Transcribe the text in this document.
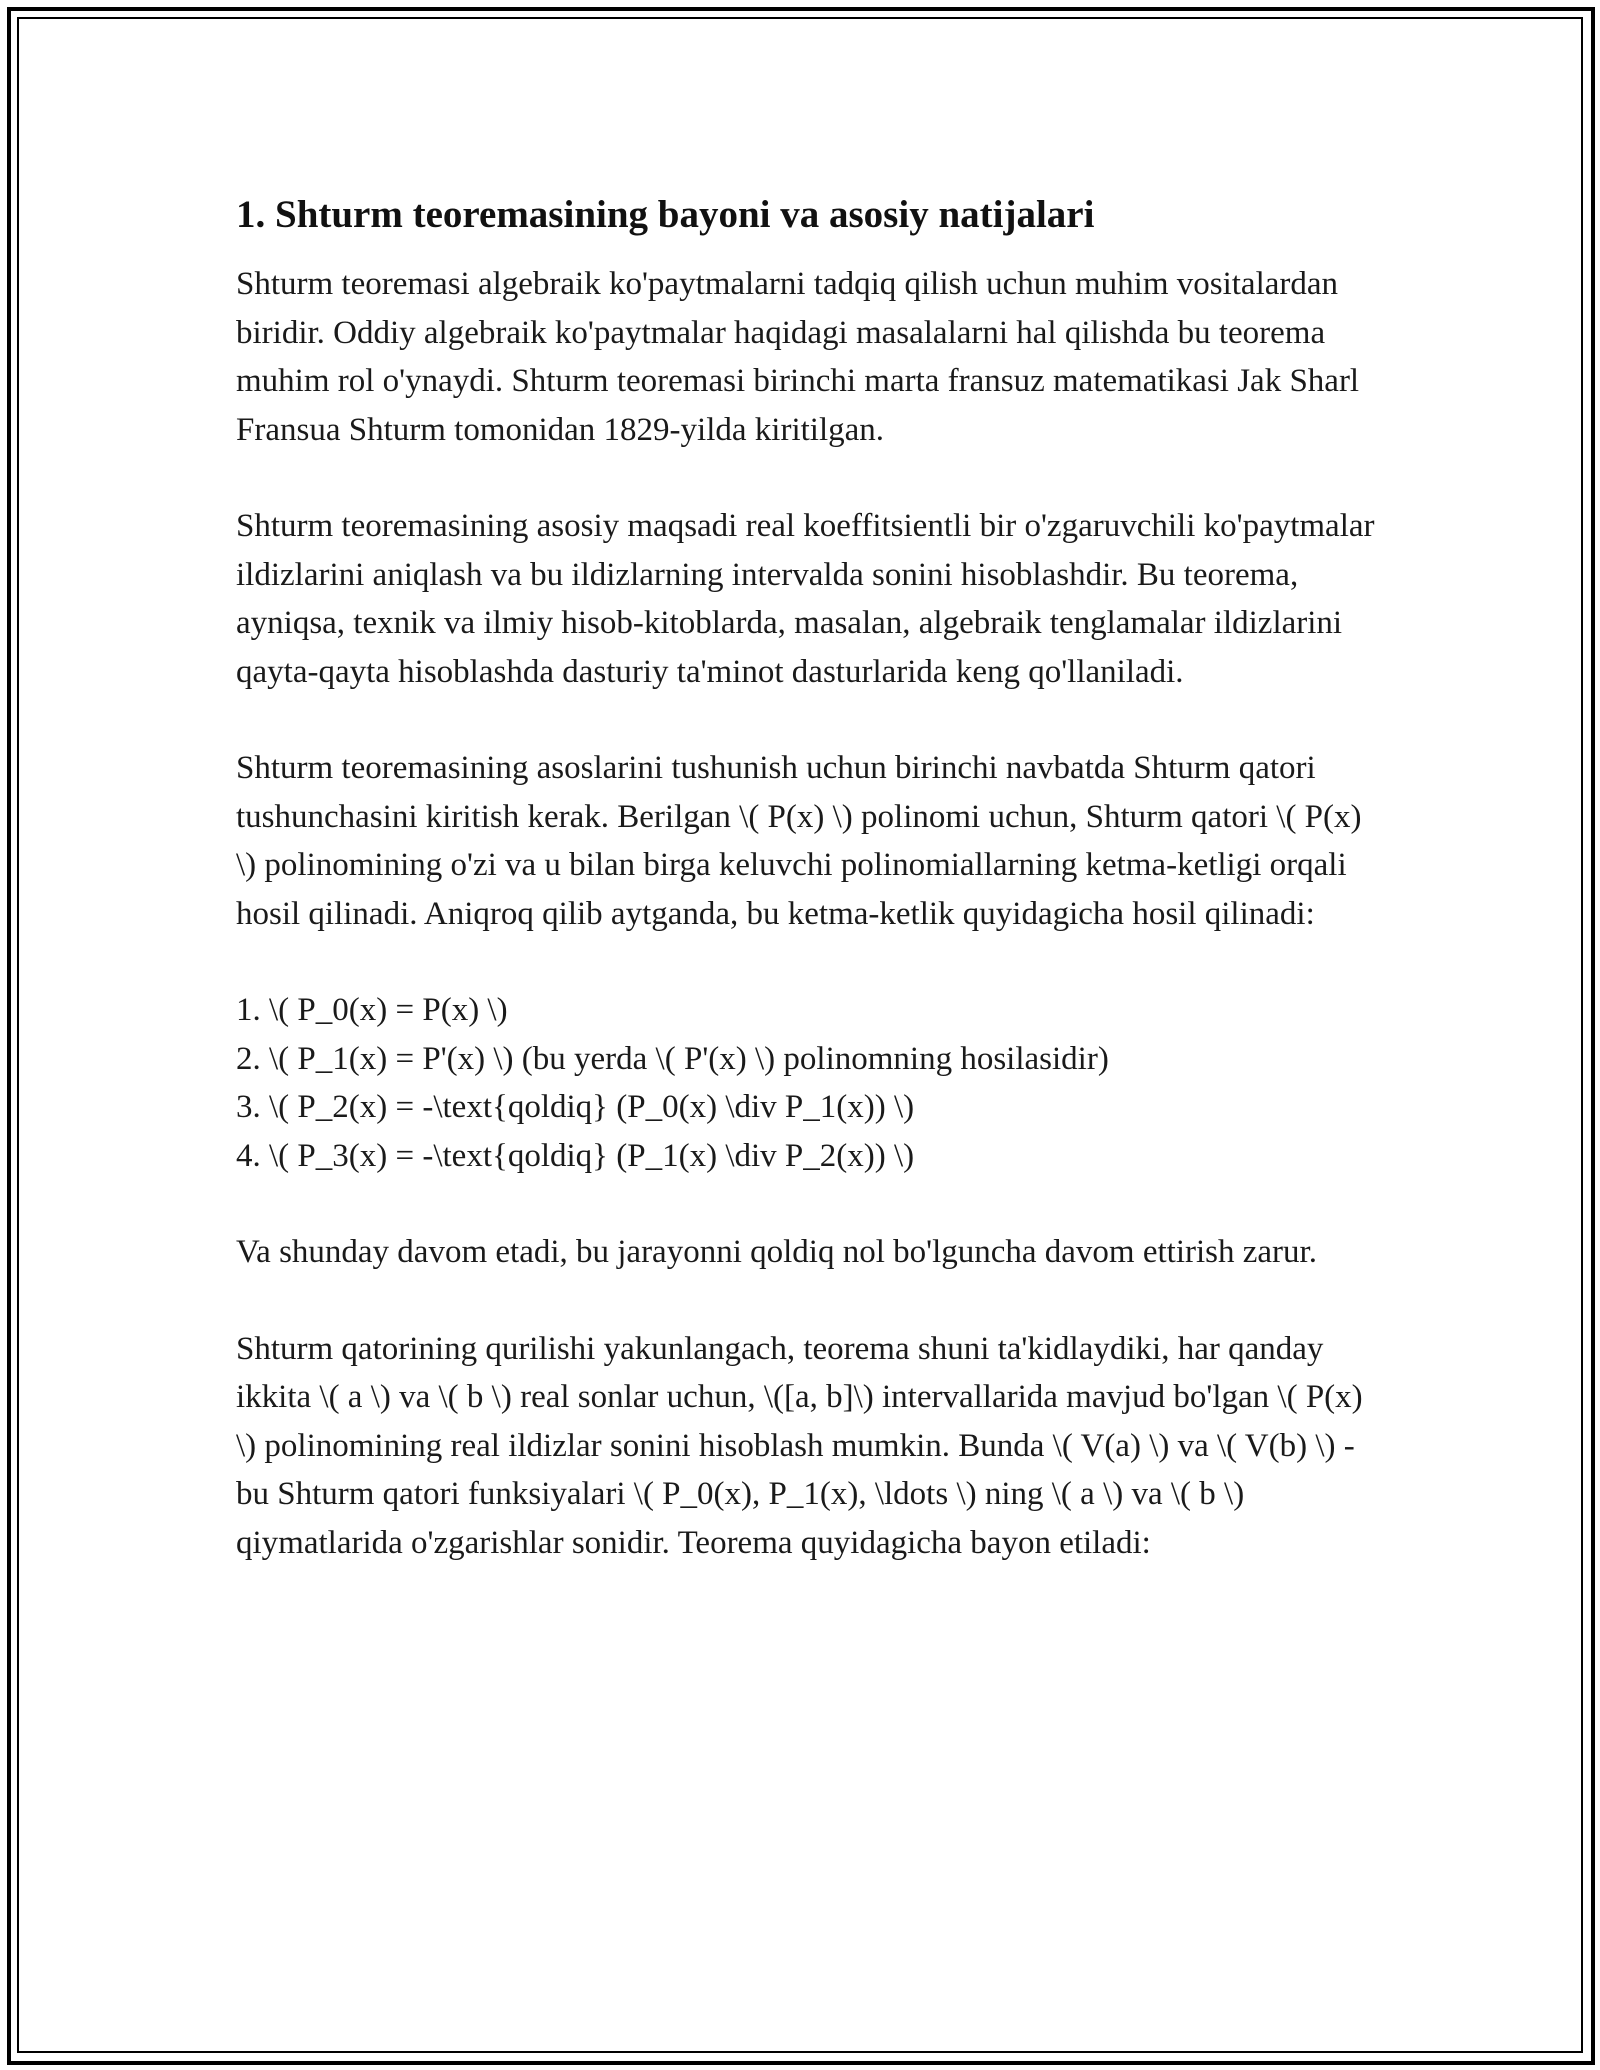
1. Shturm teoremasining bayoni va asosiy natijalari

Shturm teoremasi algebraik ko'paytmalarni tadqiq qilish uchun muhim vositalardan biridir. Oddiy algebraik ko'paytmalar haqidagi masalalarni hal qilishda bu teorema muhim rol o'ynaydi. Shturm teoremasi birinchi marta fransuz matematikasi Jak Sharl Fransua Shturm tomonidan 1829-yilda kiritilgan.

Shturm teoremasining asosiy maqsadi real koeffitsientli bir o'zgaruvchili ko'paytmalar ildizlarini aniqlash va bu ildizlarning intervalda sonini hisoblashdir. Bu teorema, ayniqsa, texnik va ilmiy hisob-kitoblarda, masalan, algebraik tenglamalar ildizlarini qayta-qayta hisoblashda dasturiy ta'minot dasturlarida keng qo'llaniladi.

Shturm teoremasining asoslarini tushunish uchun birinchi navbatda Shturm qatori tushunchasini kiritish kerak. Berilgan \( P(x) \) polinomi uchun, Shturm qatori \( P(x) \) polinomining o'zi va u bilan birga keluvchi polinomiallarning ketma-ketligi orqali hosil qilinadi. Aniqroq qilib aytganda, bu ketma-ketlik quyidagicha hosil qilinadi:

1. \( P_0(x) = P(x) \)
2. \( P_1(x) = P'(x) \) (bu yerda \( P'(x) \) polinomning hosilasidir)
3. \( P_2(x) = -\text{qoldiq} (P_0(x) \div P_1(x)) \)
4. \( P_3(x) = -\text{qoldiq} (P_1(x) \div P_2(x)) \)

Va shunday davom etadi, bu jarayonni qoldiq nol bo'lguncha davom ettirish zarur.

Shturm qatorining qurilishi yakunlangach, teorema shuni ta'kidlaydiki, har qanday ikkita \( a \) va \( b \) real sonlar uchun, \([a, b]\) intervallarida mavjud bo'lgan \( P(x) \) polinomining real ildizlar sonini hisoblash mumkin. Bunda \( V(a) \) va \( V(b) \) - bu Shturm qatori funksiyalari \( P_0(x), P_1(x), \ldots \) ning \( a \) va \( b \) qiymatlarida o'zgarishlar sonidir. Teorema quyidagicha bayon etiladi:
